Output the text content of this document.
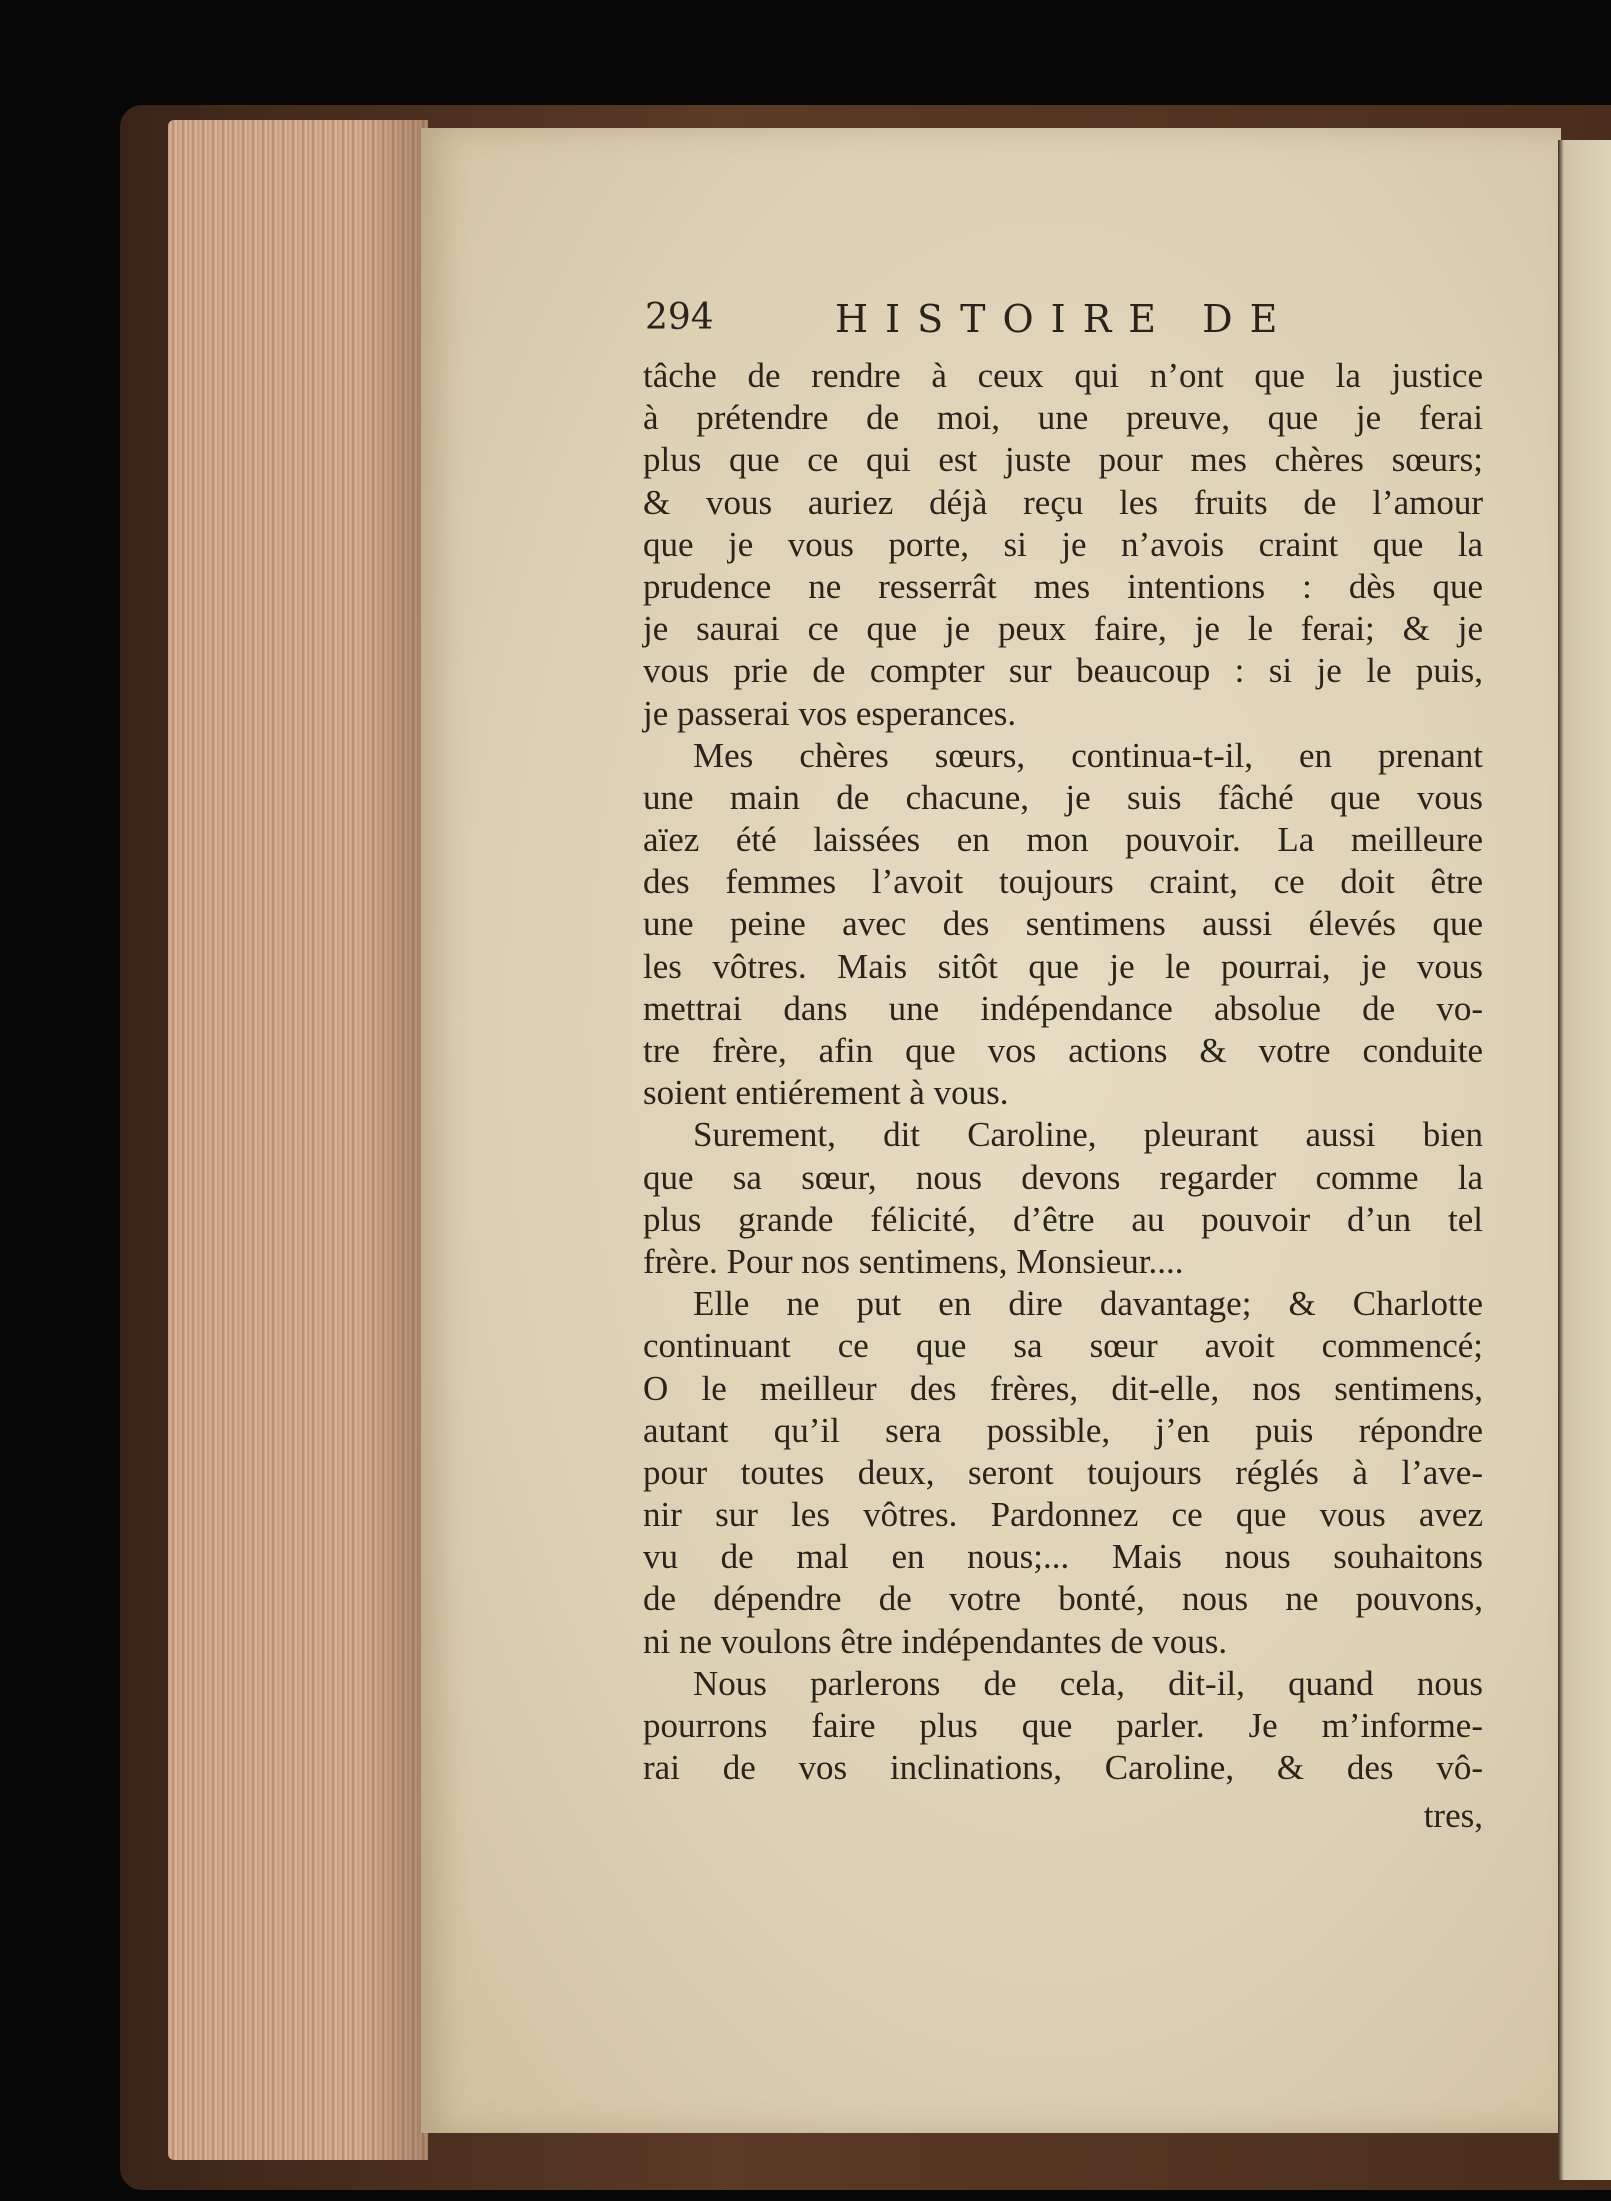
294	HISTOIRE DE
tâche de rendre à ceux qui n’ont que la justice
à prétendre de moi, une preuve, que je ferai
plus que ce qui est juste pour mes chères sœurs;
& vous auriez déjà reçu les fruits de l’amour
que je vous porte, si je n’avois craint que la
prudence ne resserrât mes intentions : dès que
je saurai ce que je peux faire, je le ferai; & je
vous prie de compter sur beaucoup : si je le puis,
je passerai vos esperances.
Mes chères sœurs, continua-t-il, en prenant
une main de chacune, je suis fâché que vous
aïez été laissées en mon pouvoir. La meilleure
des femmes l’avoit toujours craint, ce doit être
une peine avec des sentimens aussi élevés que
les vôtres. Mais sitôt que je le pourrai, je vous
mettrai dans une indépendance absolue de vo-
tre frère, afin que vos actions & votre conduite
soient entiérement à vous.
Surement, dit Caroline, pleurant aussi bien
que sa sœur, nous devons regarder comme la
plus grande félicité, d’être au pouvoir d’un tel
frère. Pour nos sentimens, Monsieur....
Elle ne put en dire davantage; & Charlotte
continuant ce que sa sœur avoit commencé;
O le meilleur des frères, dit-elle, nos sentimens,
autant qu’il sera possible, j’en puis répondre
pour toutes deux, seront toujours réglés à l’ave-
nir sur les vôtres. Pardonnez ce que vous avez
vu de mal en nous;... Mais nous souhaitons
de dépendre de votre bonté, nous ne pouvons,
ni ne voulons être indépendantes de vous.
Nous parlerons de cela, dit-il, quand nous
pourrons faire plus que parler. Je m’informe-
rai de vos inclinations, Caroline, & des vô-
tres,
